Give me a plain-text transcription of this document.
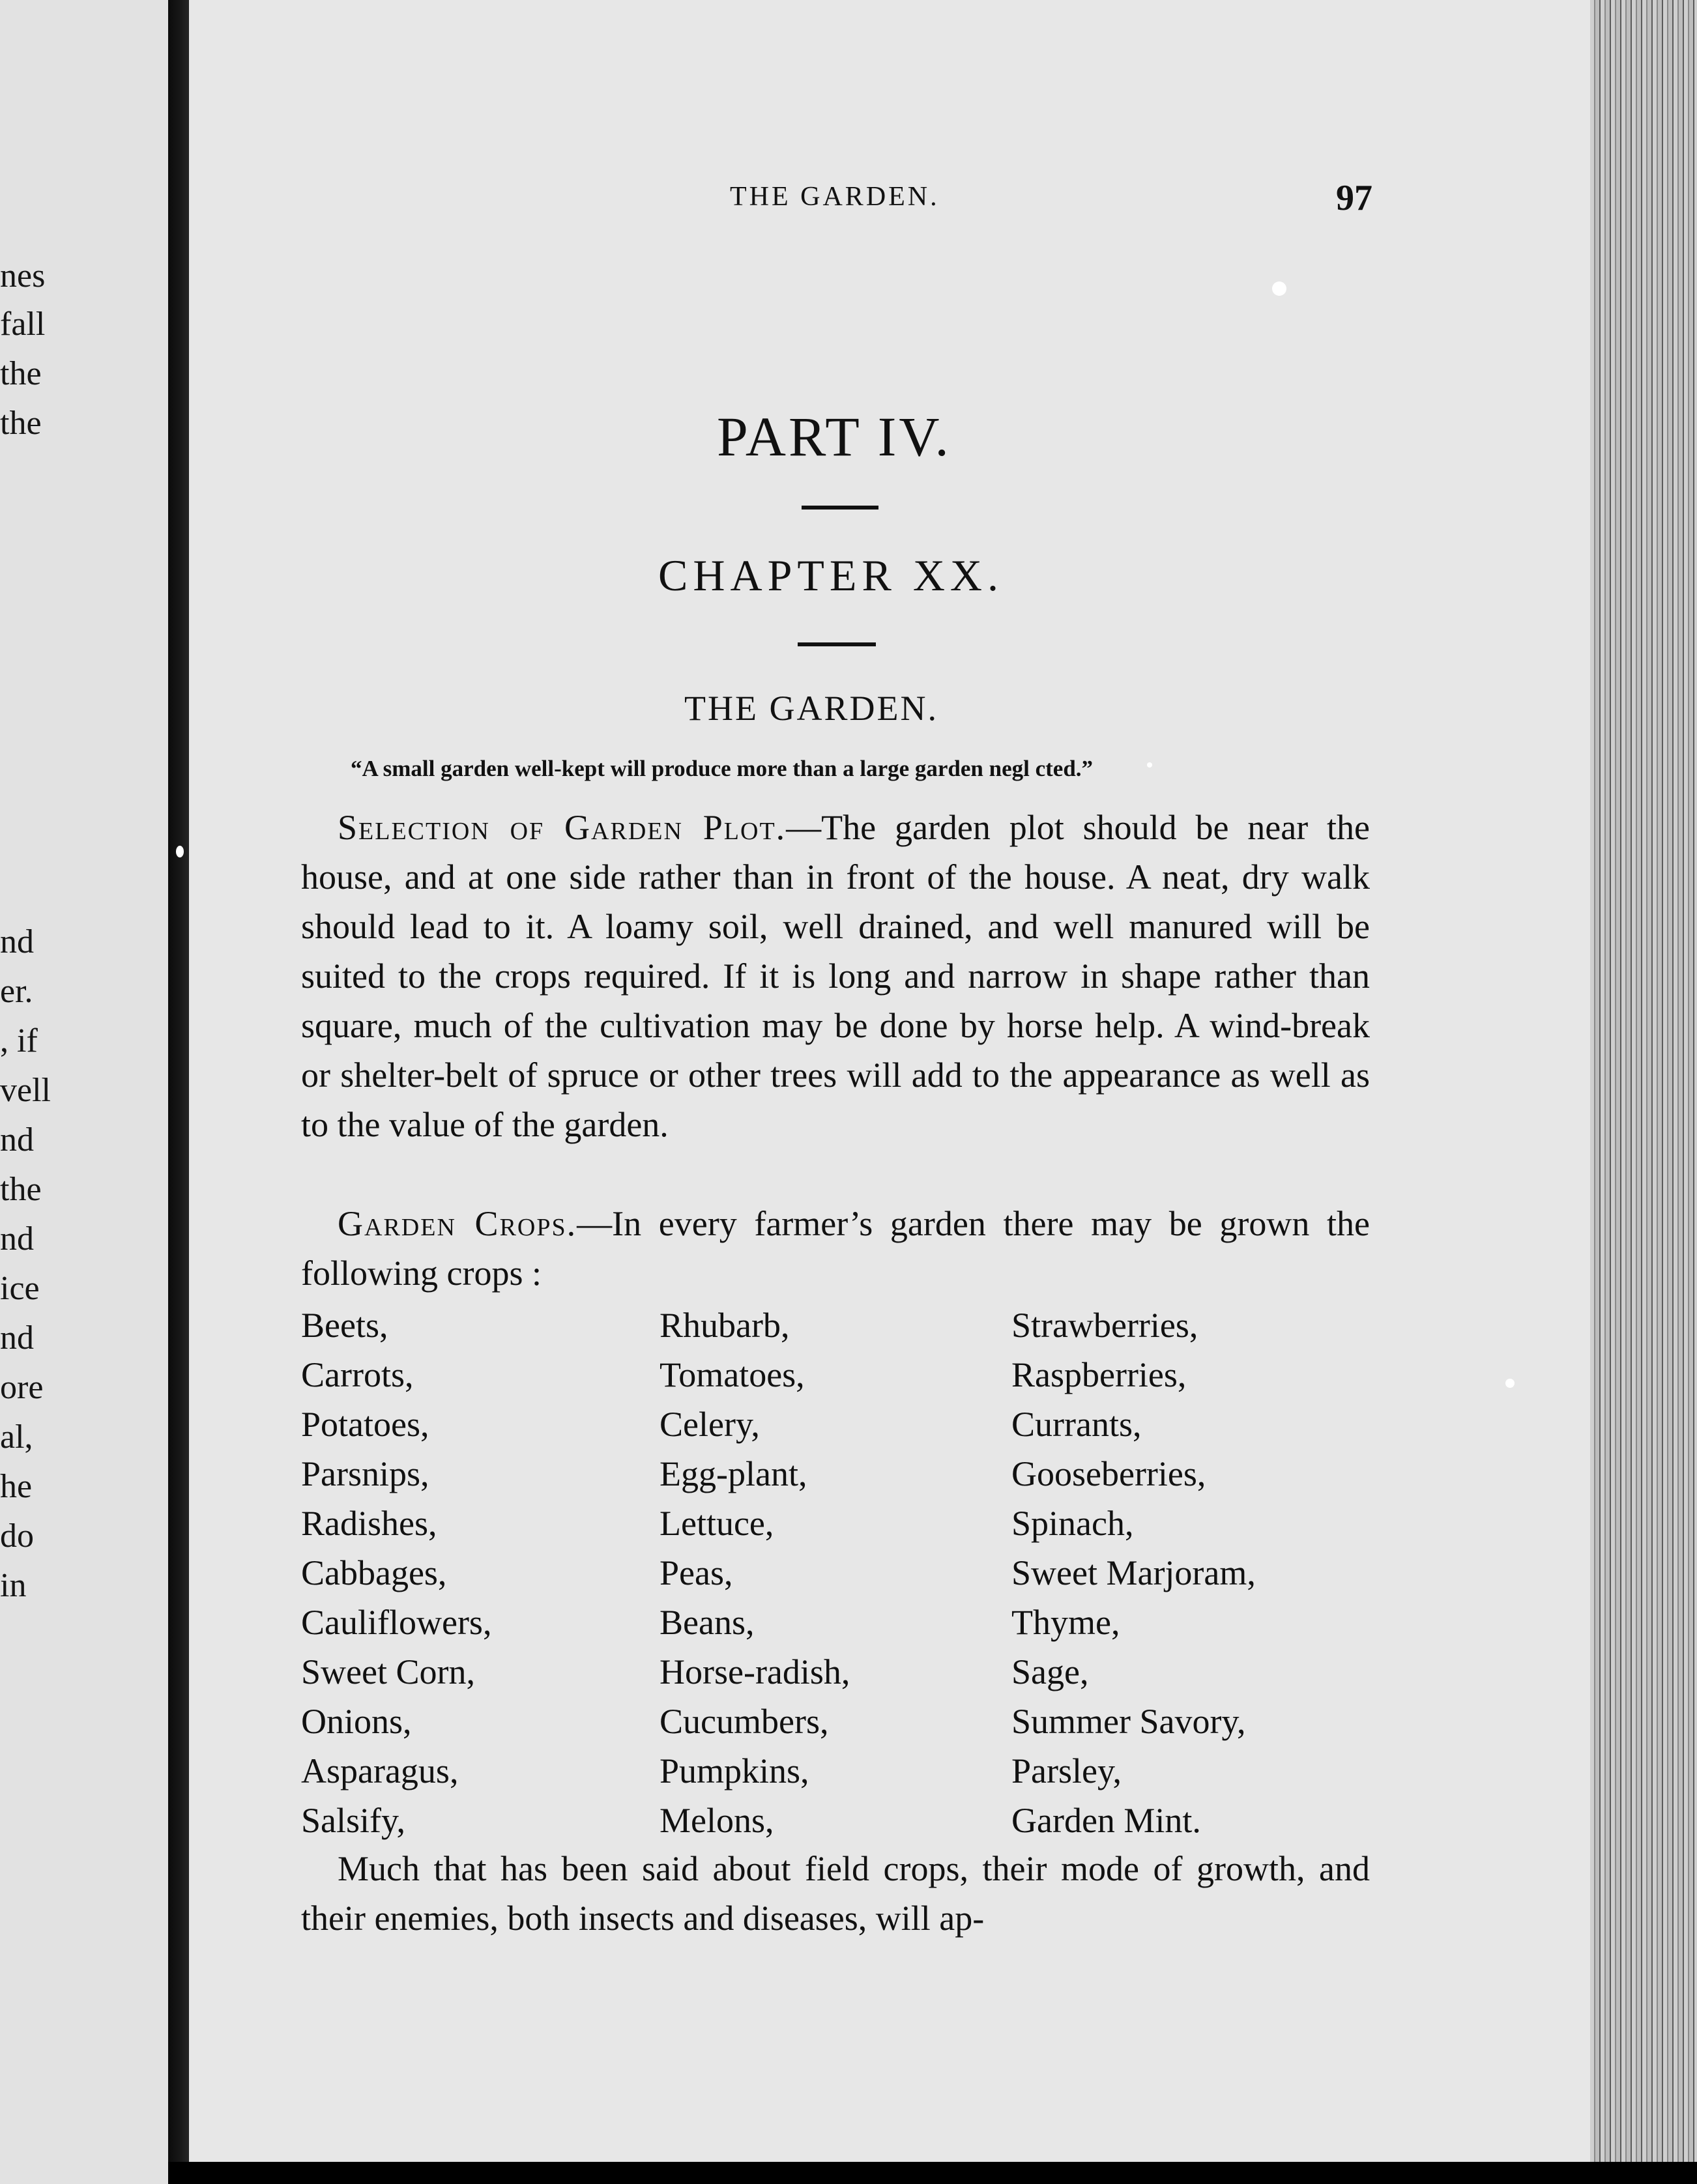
nes
fall
the
the
nd
er.
, if
vell
nd
the
nd
ice
nd
ore
al,
he
do
in
THE GARDEN.	97
PART IV.
CHAPTER XX.
THE GARDEN.
“A small garden well-kept will produce more than a large garden negl cted.”

Selection of Garden Plot.—The garden plot should be near the house, and at one side rather than in front of the house. A neat, dry walk should lead to it. A loamy soil, well drained, and well manured will be suited to the crops required. If it is long and narrow in shape rather than square, much of the cultivation may be done by horse help. A wind-break or shelter-belt of spruce or other trees will add to the appearance as well as to the value of the garden.

Garden Crops.—In every farmer’s garden there may be grown the following crops :

Beets,	Rhubarb,	Strawberries,
Carrots,	Tomatoes,	Raspberries,
Potatoes,	Celery,	Currants,
Parsnips,	Egg-plant,	Gooseberries,
Radishes,	Lettuce,	Spinach,
Cabbages,	Peas,	Sweet Marjoram,
Cauliflowers,	Beans,	Thyme,
Sweet Corn,	Horse-radish,	Sage,
Onions,	Cucumbers,	Summer Savory,
Asparagus,	Pumpkins,	Parsley,
Salsify,	Melons,	Garden Mint.

Much that has been said about field crops, their mode of growth, and their enemies, both insects and diseases, will ap-
